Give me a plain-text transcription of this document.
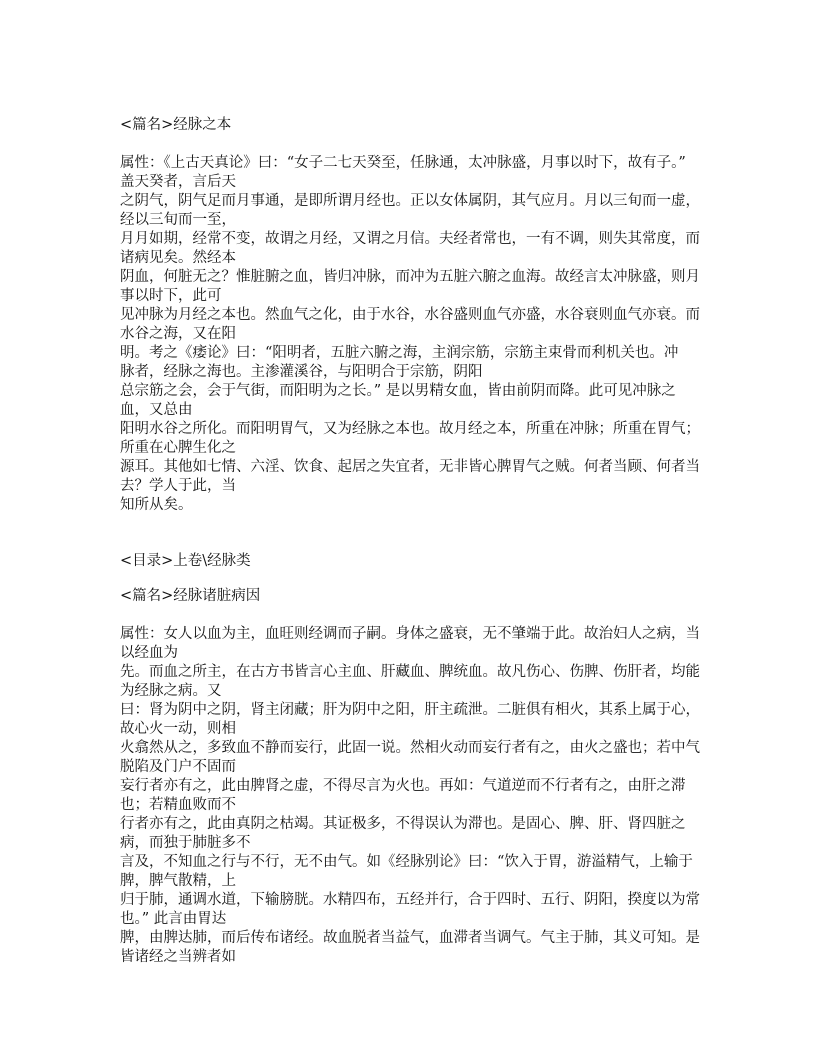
<篇名>经脉之本

属性：《上古天真论》曰：“女子二七天癸至，任脉通，太冲脉盛，月事以时下，故有子。” 盖天癸者，言后天

之阴气，阴气足而月事通，是即所谓月经也。正以女体属阴，其气应月。月以三旬而一虚，经以三旬而一至，

月月如期，经常不变，故谓之月经，又谓之月信。夫经者常也，一有不调，则失其常度，而诸病见矣。然经本

阴血，何脏无之？惟脏腑之血，皆归冲脉，而冲为五脏六腑之血海。故经言太冲脉盛，则月事以时下，此可

见冲脉为月经之本也。然血气之化，由于水谷，水谷盛则血气亦盛，水谷衰则血气亦衰。而水谷之海，又在阳

明。考之《痿论》曰：“阳明者，五脏六腑之海，主润宗筋，宗筋主束骨而利机关也。冲

脉者，经脉之海也。主渗灌溪谷，与阳明合于宗筋，阴阳

总宗筋之会，会于气街，而阳明为之长。” 是以男精女血，皆由前阴而降。此可见冲脉之血，又总由

阳明水谷之所化。而阳明胃气，又为经脉之本也。故月经之本，所重在冲脉；所重在胃气；所重在心脾生化之

源耳。其他如七情、六淫、饮食、起居之失宜者，无非皆心脾胃气之贼。何者当顾、何者当去？学人于此，当

知所从矣。

<目录>上卷\经脉类

<篇名>经脉诸脏病因

属性：女人以血为主，血旺则经调而子嗣。身体之盛衰，无不肇端于此。故治妇人之病，当以经血为

先。而血之所主，在古方书皆言心主血、肝藏血、脾统血。故凡伤心、伤脾、伤肝者，均能为经脉之病。又

曰：肾为阴中之阴，肾主闭藏；肝为阴中之阳，肝主疏泄。二脏俱有相火，其系上属于心，故心火一动，则相

火翕然从之，多致血不静而妄行，此固一说。然相火动而妄行者有之，由火之盛也；若中气脱陷及门户不固而

妄行者亦有之，此由脾肾之虚，不得尽言为火也。再如：气道逆而不行者有之，由肝之滞也；若精血败而不

行者亦有之，此由真阴之枯竭。其证极多，不得误认为滞也。是固心、脾、肝、肾四脏之病，而独于肺脏多不

言及，不知血之行与不行，无不由气。如《经脉别论》曰：“饮入于胃，游溢精气，上输于脾，脾气散精，上

归于肺，通调水道，下输膀胱。水精四布，五经并行，合于四时、五行、阴阳，揆度以为常也。” 此言由胃达

脾，由脾达肺，而后传布诸经。故血脱者当益气，血滞者当调气。气主于肺，其义可知。是皆诸经之当辨者如
